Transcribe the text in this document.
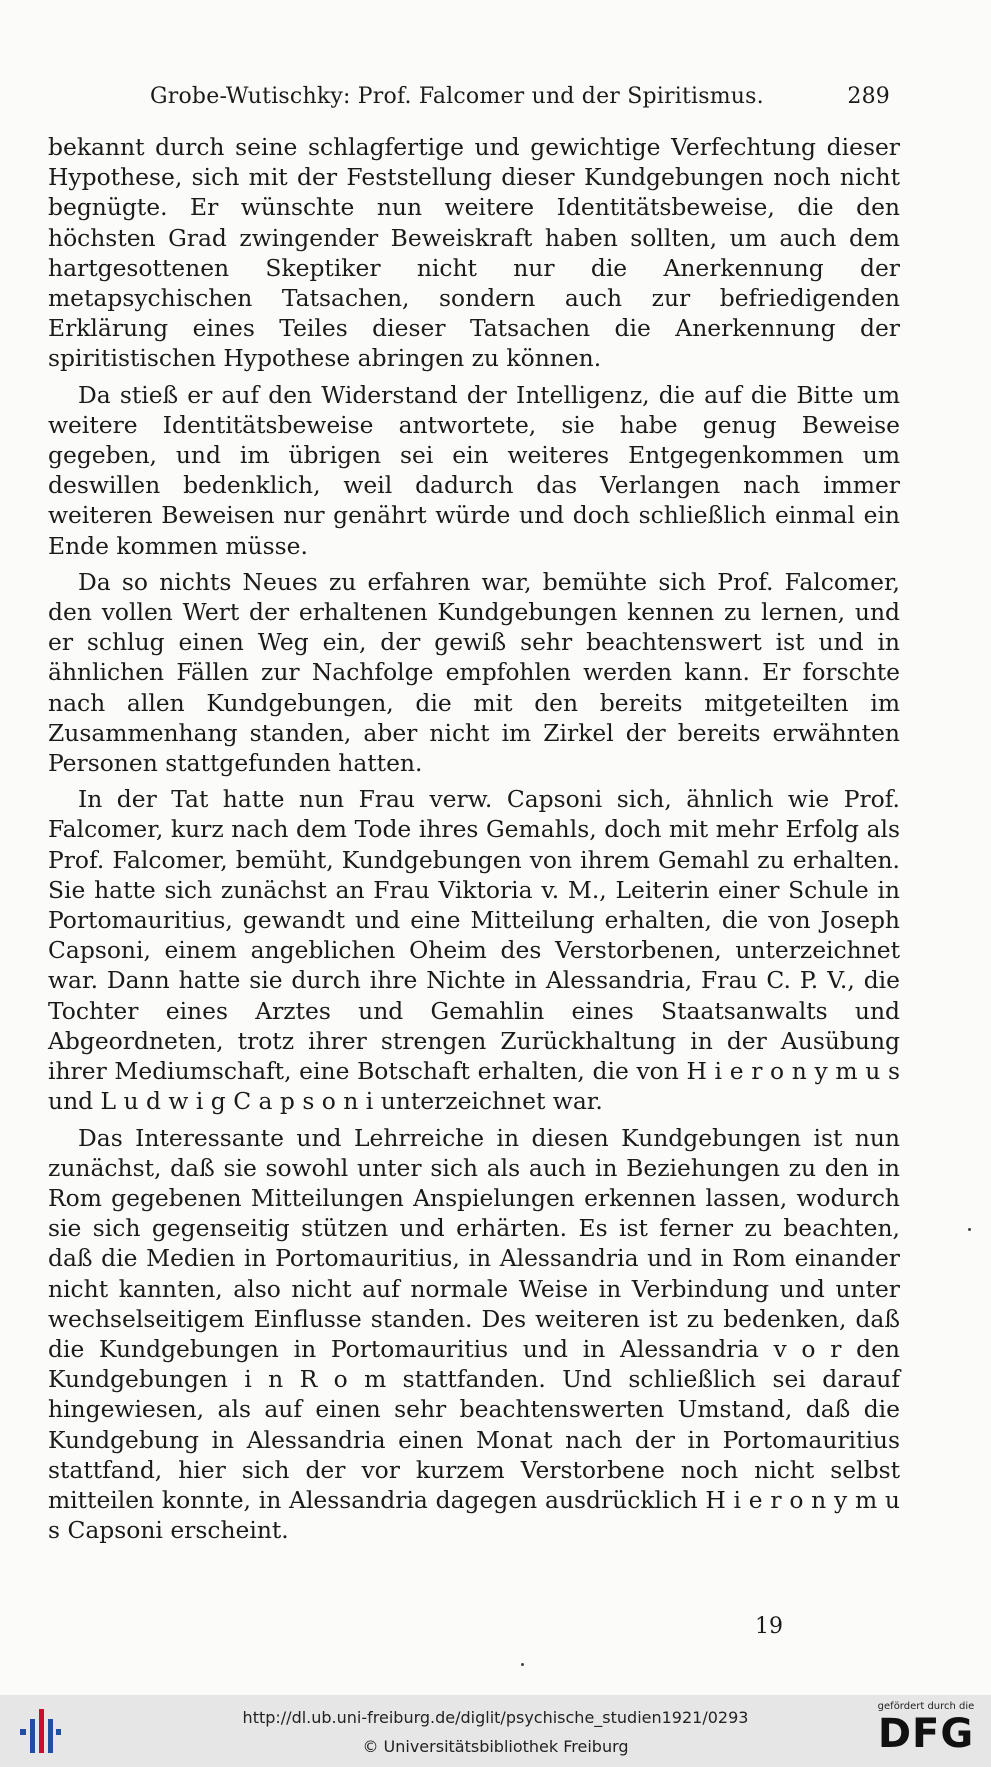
Grobe-Wutischky: Prof. Falcomer und der Spiritismus.	289

bekannt durch seine schlagfertige und gewichtige Verfechtung dieser Hypothese, sich mit der Feststellung dieser Kundgebungen noch nicht begnügte. Er wünschte nun weitere Identitätsbeweise, die den höchsten Grad zwingender Beweiskraft haben sollten, um auch dem hartgesottenen Skeptiker nicht nur die Anerkennung der metapsychischen Tatsachen, sondern auch zur befriedigenden Erklärung eines Teiles dieser Tatsachen die Anerkennung der spiritistischen Hypothese abringen zu können.

Da stieß er auf den Widerstand der Intelligenz, die auf die Bitte um weitere Identitätsbeweise antwortete, sie habe genug Beweise gegeben, und im übrigen sei ein weiteres Entgegenkommen um deswillen bedenklich, weil dadurch das Verlangen nach immer weiteren Beweisen nur genährt würde und doch schließlich einmal ein Ende kommen müsse.

Da so nichts Neues zu erfahren war, bemühte sich Prof. Falcomer, den vollen Wert der erhaltenen Kundgebungen kennen zu lernen, und er schlug einen Weg ein, der gewiß sehr beachtenswert ist und in ähnlichen Fällen zur Nachfolge empfohlen werden kann. Er forschte nach allen Kundgebungen, die mit den bereits mitgeteilten im Zusammenhang standen, aber nicht im Zirkel der bereits erwähnten Personen stattgefunden hatten.

In der Tat hatte nun Frau verw. Capsoni sich, ähnlich wie Prof. Falcomer, kurz nach dem Tode ihres Gemahls, doch mit mehr Erfolg als Prof. Falcomer, bemüht, Kundgebungen von ihrem Gemahl zu erhalten. Sie hatte sich zunächst an Frau Viktoria v. M., Leiterin einer Schule in Portomauritius, gewandt und eine Mitteilung erhalten, die von Joseph Capsoni, einem angeblichen Oheim des Verstorbenen, unterzeichnet war. Dann hatte sie durch ihre Nichte in Alessandria, Frau C. P. V., die Tochter eines Arztes und Gemahlin eines Staatsanwalts und Abgeordneten, trotz ihrer strengen Zurückhaltung in der Ausübung ihrer Mediumschaft, eine Botschaft erhalten, die von H i e r o n y m u s und L u d w i g C a p s o n i unterzeichnet war.

Das Interessante und Lehrreiche in diesen Kundgebungen ist nun zunächst, daß sie sowohl unter sich als auch in Beziehungen zu den in Rom gegebenen Mitteilungen Anspielungen erkennen lassen, wodurch sie sich gegenseitig stützen und erhärten. Es ist ferner zu beachten, daß die Medien in Portomauritius, in Alessandria und in Rom einander nicht kannten, also nicht auf normale Weise in Verbindung und unter wechselseitigem Einflusse standen. Des weiteren ist zu bedenken, daß die Kundgebungen in Portomauritius und in Alessandria v o r den Kundgebungen i n R o m stattfanden. Und schließlich sei darauf hingewiesen, als auf einen sehr beachtenswerten Umstand, daß die Kundgebung in Alessandria einen Monat nach der in Portomauritius stattfand, hier sich der vor kurzem Verstorbene noch nicht selbst mitteilen konnte, in Alessandria dagegen ausdrücklich H i e r o n y m u s Capsoni erscheint.

19
http://dl.ub.uni-freiburg.de/diglit/psychische_studien1921/0293
© Universitätsbibliothek Freiburg
gefördert durch die
DFG
